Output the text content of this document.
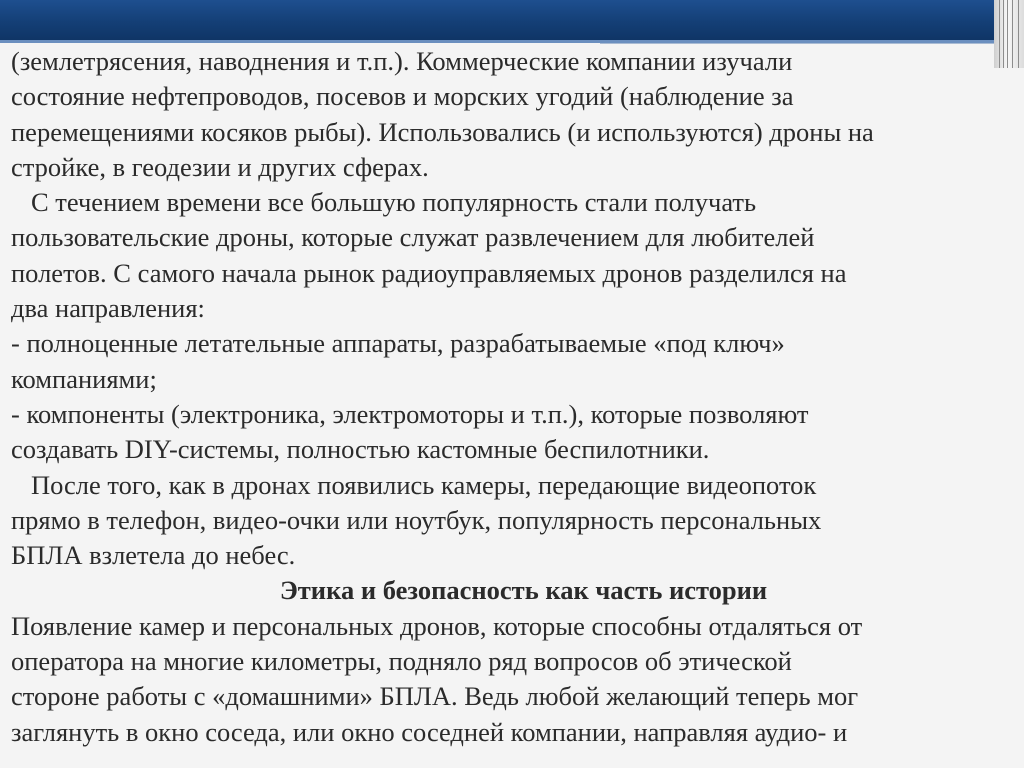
(землетрясения, наводнения и т.п.). Коммерческие компании изучали
состояние нефтепроводов, посевов и морских угодий (наблюдение за
перемещениями косяков рыбы). Использовались (и используются) дроны на
стройке, в геодезии и других сферах.
С течением времени все большую популярность стали получать
пользовательские дроны, которые служат развлечением для любителей
полетов. С самого начала рынок радиоуправляемых дронов разделился на
два направления:
- полноценные летательные аппараты, разрабатываемые «под ключ»
компаниями;
- компоненты (электроника, электромоторы и т.п.), которые позволяют
создавать DIY-системы, полностью кастомные беспилотники.
После того, как в дронах появились камеры, передающие видеопоток
прямо в телефон, видео-очки или ноутбук, популярность персональных
БПЛА взлетела до небес.
Этика и безопасность как часть истории
Появление камер и персональных дронов, которые способны отдаляться от
оператора на многие километры, подняло ряд вопросов об этической
стороне работы с «домашними» БПЛА. Ведь любой желающий теперь мог
заглянуть в окно соседа, или окно соседней компании, направляя аудио- и
